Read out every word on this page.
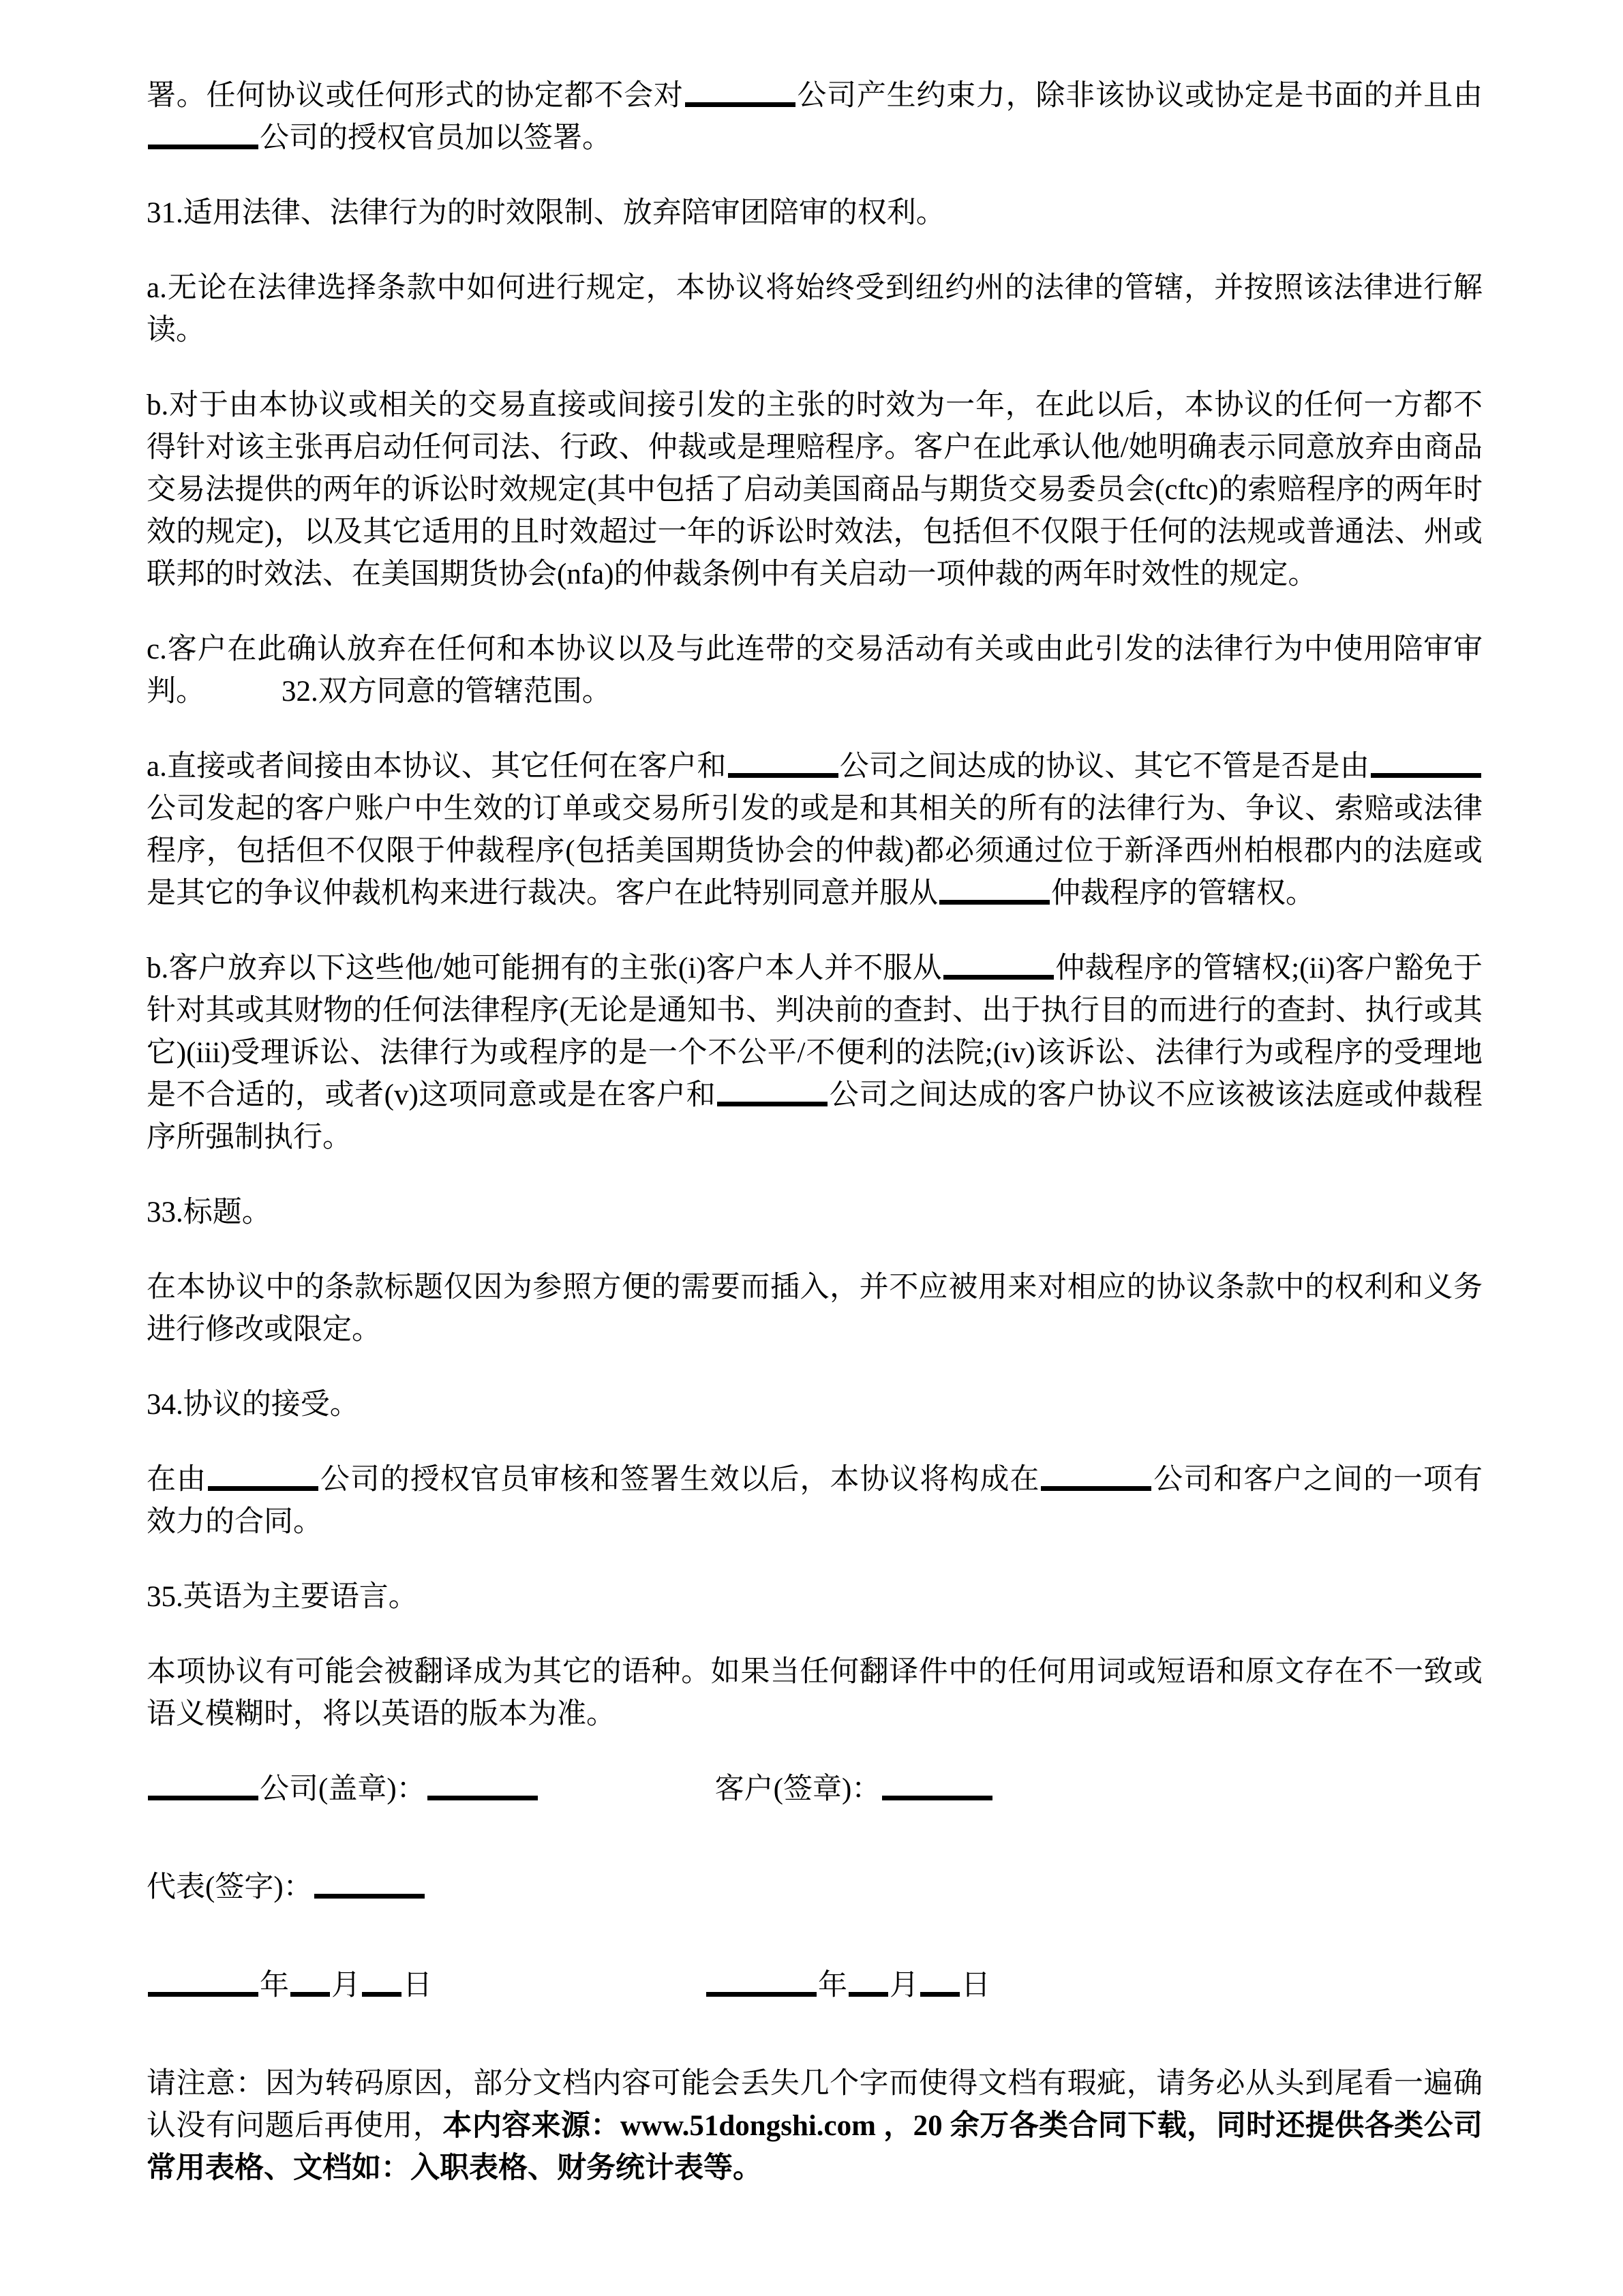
署。任何协议或任何形式的协定都不会对	公司产生约束力，除非该协议或协定是书面的并且由公司的授权官员加以签署。

31.适用法律、法律行为的时效限制、放弃陪审团陪审的权利。

a.无论在法律选择条款中如何进行规定，本协议将始终受到纽约州的法律的管辖，并按照该法律进行解读。

b.对于由本协议或相关的交易直接或间接引发的主张的时效为一年，在此以后，本协议的任何一方都不得针对该主张再启动任何司法、行政、仲裁或是理赔程序。客户在此承认他/她明确表示同意放弃由商品交易法提供的两年的诉讼时效规定(其中包括了启动美国商品与期货交易委员会(cftc)的索赔程序的两年时效的规定)，以及其它适用的且时效超过一年的诉讼时效法，包括但不仅限于任何的法规或普通法、州或 联邦的时效法、在美国期货协会(nfa)的仲裁条例中有关启动一项仲裁的两年时效性的规定。

c.客户在此确认放弃在任何和本协议以及与此连带的交易活动有关或由此引发的法律行为中使用陪审审判。	32.双方同意的管辖范围。

a.直接或者间接由本协议、其它任何在客户和	公司之间达成的协议、其它不管是否是由公司发起的客户账户中生效的订单或交易所引发的或是和其相关的所有的法律行为、争议、索赔或法律程序，包括但不仅限于仲裁程序(包括美国期货协会的仲裁)都必须通过位于新泽西州柏根郡内的法庭或是其它的争议仲裁机构来进行裁决。客户在此特别同意并服从	仲裁程序的管辖权。

b.客户放弃以下这些他/她可能拥有的主张(i)客户本人并不服从	仲裁程序的管辖权;(ii)客户豁免于针对其或其财物的任何法律程序(无论是通知书、判决前的查封、出于执行目的而进行的查封、执行或其它)(iii)受理诉讼、法律行为或程序的是一个不公平/不便利的法院;(iv)该诉讼、法律行为或程序的受理地是不合适的，或者(v)这项同意或是在客户和	公司之间达成的客户协议不应该被该法庭或仲裁程序所强制执行。

33.标题。

在本协议中的条款标题仅因为参照方便的需要而插入，并不应被用来对相应的协议条款中的权利和义务进行修改或限定。

34.协议的接受。

在由	公司的授权官员审核和签署生效以后，本协议将构成在	公司和客户之间的一项有效力的合同。

35.英语为主要语言。

本项协议有可能会被翻译成为其它的语种。如果当任何翻译件中的任何用词或短语和原文存在不一致或语义模糊时，将以英语的版本为准。

公司(盖章)：	客户(签章)：

代表(签字)：

年 月 日	年 月 日

请注意：因为转码原因，部分文档内容可能会丢失几个字而使得文档有瑕疵，请务必从头到尾看一遍确认没有问题后再使用，本内容来源：www.51dongshi.com ，20 余万各类合同下载，同时还提供各类公司常用表格、文档如：入职表格、财务统计表等。
